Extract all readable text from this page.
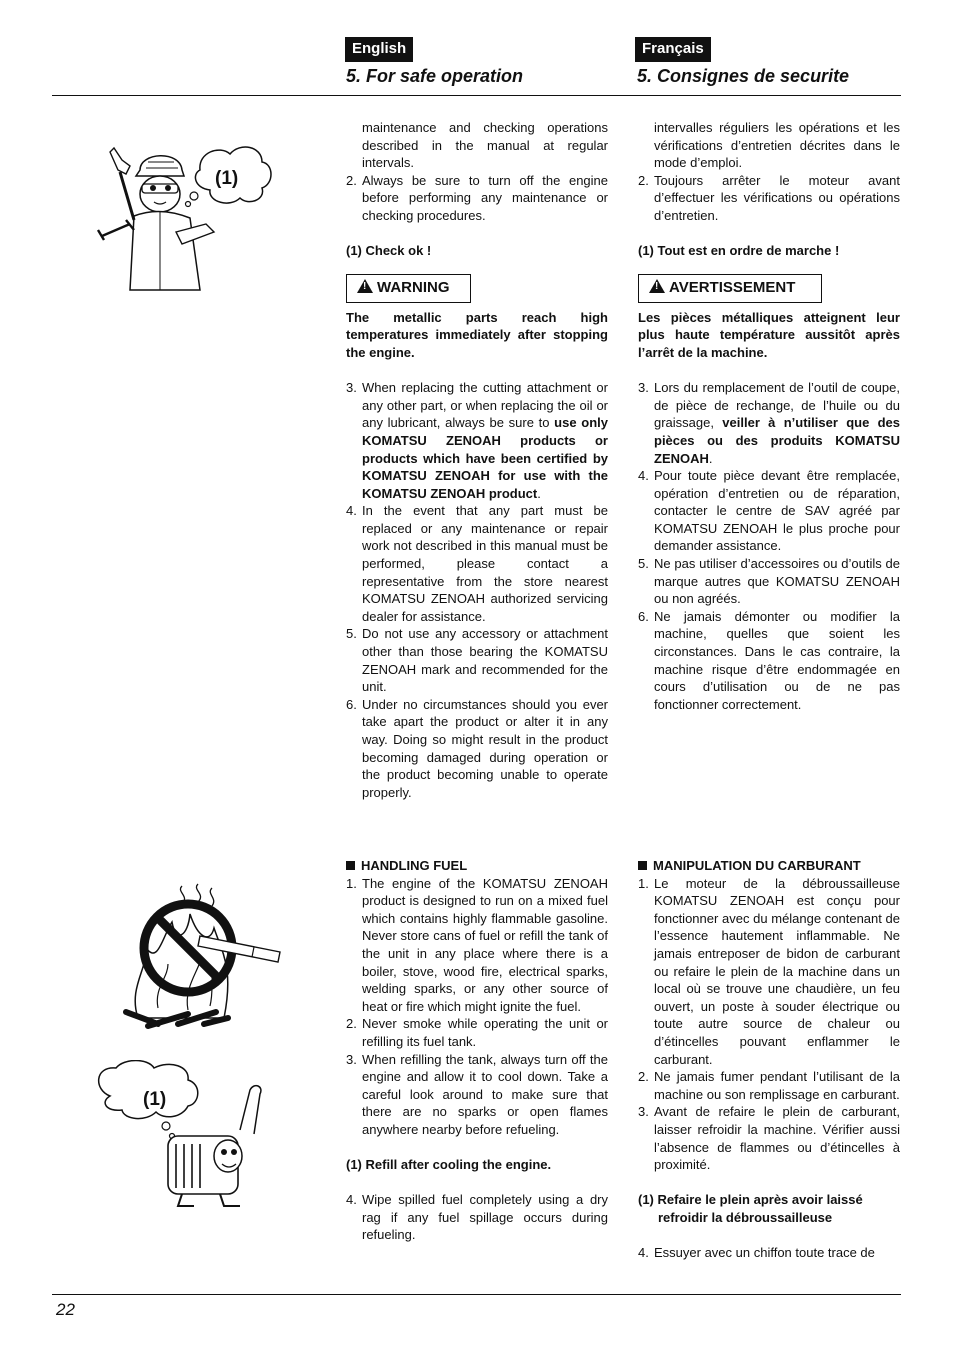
English	Français
5. For safe operation	5. Consignes de securite
(1)

maintenance and checking operations described in the manual at regular intervals.

2. Always be sure to turn off the engine before performing any maintenance or checking procedures.

(1) Check ok !

!WARNING

The metallic parts reach high temperatures immediately after stopping the engine.

3. When replacing the cutting attachment or any other part, or when replacing the oil or any lubricant, always be sure to use only KOMATSU ZENOAH products or products which have been certified by KOMATSU ZENOAH for use with the KOMATSU ZENOAH product.
4. In the event that any part must be replaced or any maintenance or repair work not described in this manual must be performed, please contact a representative from the store nearest KOMATSU ZENOAH authorized servicing dealer for assistance.
5. Do not use any accessory or attachment other than those bearing the KOMATSU ZENOAH mark and recommended for the unit.
6. Under no circumstances should you ever take apart the product or alter it in any way. Doing so might result in the product becoming damaged during operation or the product becoming unable to operate properly.

intervalles réguliers les opérations et les vérifications d’entretien décrites dans le mode d’emploi.

2. Toujours arrêter le moteur avant d’effectuer les vérifications ou opérations d’entretien.

(1) Tout est en ordre de marche !

!AVERTISSEMENT

Les pièces métalliques atteignent leur plus haute température aussitôt après l’arrêt de la machine.

3. Lors du remplacement de l’outil de coupe, de pièce de rechange, de l’huile ou du graissage, veiller à n’utiliser que des pièces ou des produits KOMATSU ZENOAH.
4. Pour toute pièce devant être remplacée, opération d’entretien ou de réparation, contacter le centre de SAV agréé par KOMATSU ZENOAH le plus proche pour demander assistance.
5. Ne pas utiliser d’accessoires ou d’outils de marque autres que KOMATSU ZENOAH ou non agréés.
6. Ne jamais démonter ou modifier la machine, quelles que soient les circonstances. Dans le cas contraire, la machine risque d’être endommagée en cours d’utilisation ou de ne pas fonctionner correctement.
(1)

HANDLING FUEL

1. The engine of the KOMATSU ZENOAH product is designed to run on a mixed fuel which contains highly flammable gasoline. Never store cans of fuel or refill the tank of the unit in any place where there is a boiler, stove, wood fire, electrical sparks, welding sparks, or any other source of heat or fire which might ignite the fuel.
2. Never smoke while operating the unit or refilling its fuel tank.
3. When refilling the tank, always turn off the engine and allow it to cool down. Take a careful look around to make sure that there are no sparks or open flames anywhere nearby before refueling.

(1) Refill after cooling the engine.

4. Wipe spilled fuel completely using a dry rag if any fuel spillage occurs during refueling.

MANIPULATION DU CARBURANT

1. Le moteur de la débroussailleuse KOMATSU ZENOAH est conçu pour fonctionner avec du mélange contenant de l’essence hautement inflammable. Ne jamais entreposer de bidon de carburant ou refaire le plein de la machine dans un local où se trouve une chaudière, un feu ouvert, un poste à souder électrique ou toute autre source de chaleur ou d’étincelles pouvant enflammer le carburant.
2. Ne jamais fumer pendant l’utilisant de la machine ou son remplissage en carburant.
3. Avant de refaire le plein de carburant, laisser refroidir la machine. Vérifier aussi l’absence de flammes ou d’étincelles à proximité.

(1) Refaire le plein après avoir laissé refroidir la débroussailleuse

4. Essuyer avec un chiffon toute trace de
22
